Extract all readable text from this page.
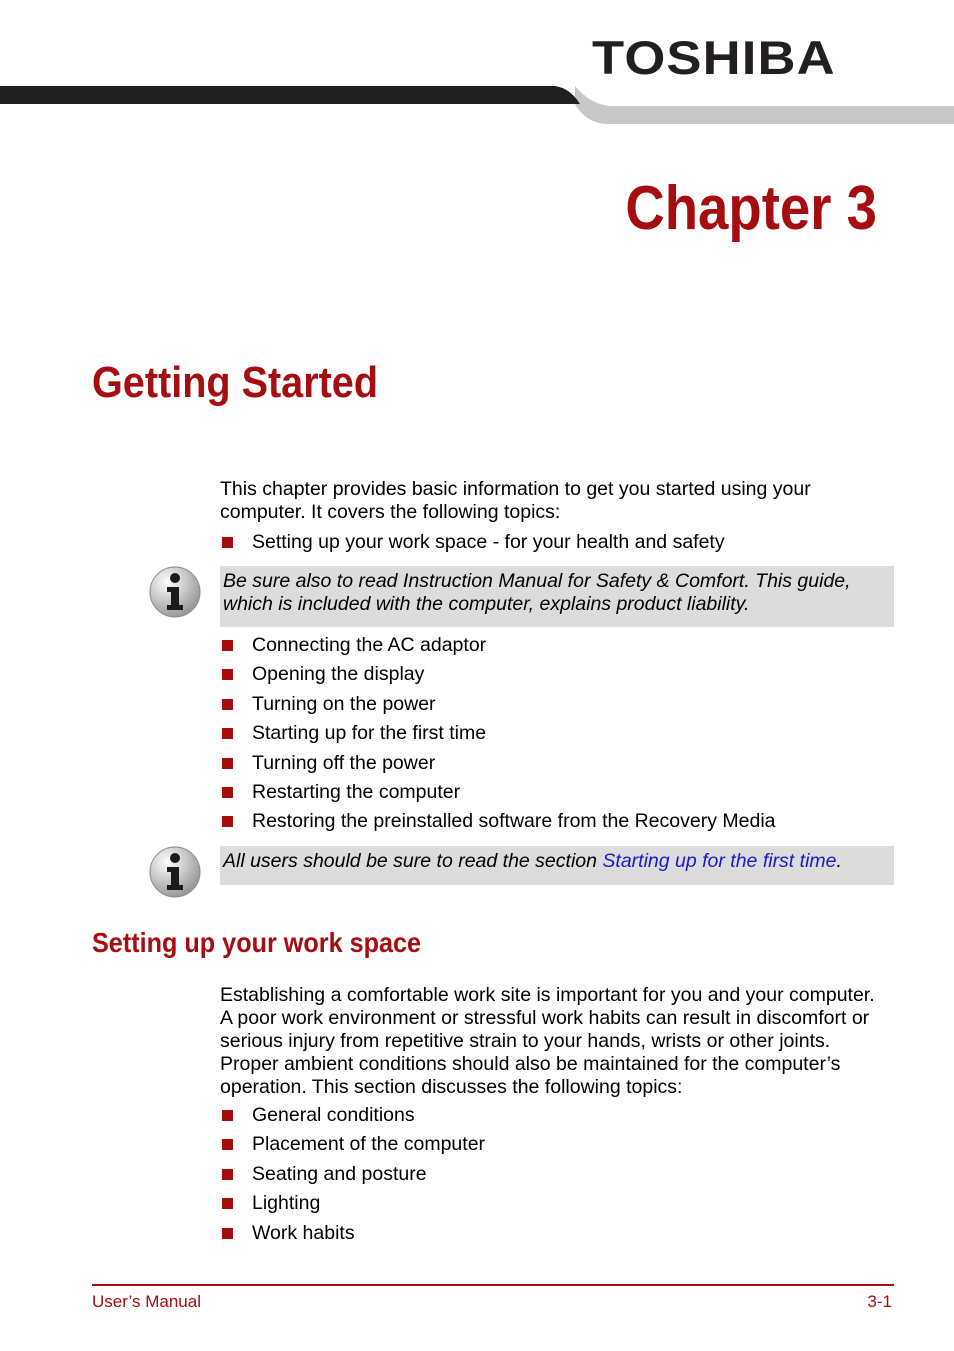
TOSHIBA
Chapter 3
Getting Started

This chapter provides basic information to get you started using your computer. It covers the following topics:

Setting up your work space - for your health and safety
Be sure also to read Instruction Manual for Safety & Comfort. This guide, which is included with the computer, explains product liability.
Connecting the AC adaptor
Opening the display
Turning on the power
Starting up for the first time
Turning off the power
Restarting the computer
Restoring the preinstalled software from the Recovery Media
All users should be sure to read the section Starting up for the first time.
Setting up your work space

Establishing a comfortable work site is important for you and your computer. A poor work environment or stressful work habits can result in discomfort or serious injury from repetitive strain to your hands, wrists or other joints. Proper ambient conditions should also be maintained for the computer’s operation. This section discusses the following topics:

General conditions
Placement of the computer
Seating and posture
Lighting
Work habits
User’s Manual	3-1
